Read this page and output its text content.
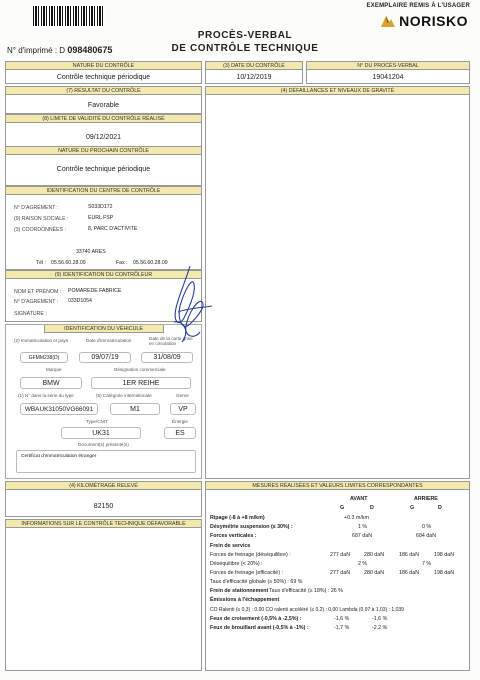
EXEMPLAIRE REMIS À L'USAGER
NORISKO
PROCÈS-VERBAL
DE CONTRÔLE TECHNIQUE
N° d'imprimé : D 098480675
NATURE DU CONTRÔLE
Contrôle technique périodique
(3) DATE DU CONTRÔLE
10/12/2019
N° DU PROCÈS-VERBAL
19041204
(7) RÉSULTAT DU CONTRÔLE
Favorable
(4) DÉFAILLANCES ET NIVEAUX DE GRAVITÉ
(8) LIMITE DE VALIDITÉ DU CONTRÔLE RÉALISÉ
09/12/2021
NATURE DU PROCHAIN CONTRÔLE
Contrôle technique périodique
IDENTIFICATION DU CENTRE DE CONTRÔLE
N° D'AGRÉMENT :	S033D172
(9) RAISON SOCIALE :	EURL FSP
(3) COORDONNÉES :	8, PARC D'ACTIVITE
33740 ARES
Tél : 05.56.60.28.09	Fax : 05.56.60.28.09
(9) IDENTIFICATION DU CONTRÔLEUR
NOM ET PRÉNOM : POMAREDE FABRICE
N° D'AGRÉMENT : 033D1054
SIGNATURE :
IDENTIFICATION DU VÉHICULE
(2) Immatriculation et pays	Date d'immatriculation	Date de la carte grise en circulation
GFMM238(D)	09/07/19	31/08/09
Marque	Désignation commerciale
BMW	1ER REIHE
(1) N° dans la série du type	(5) Catégorie internationale	Genre
WBAUK31050VG66091	M1	VP
Type/CNIT	Énergie
UK31	ES
Document(s) présenté(s)
Certificat d'immatriculation étranger
(4) KILOMÉTRAGE RELEVÉ
82150
INFORMATIONS SUR LE CONTRÔLE TECHNIQUE DÉFAVORABLE
MESURES RÉALISÉES ET VALEURS LIMITES CORRESPONDANTES
AVANT	ARRIERE
G	D	G	D
Ripage (-8 à +8 m/km)	+0.3 m/km
Désymétrie suspension (≤ 30%) :	1 %	0 %
Forces verticales :	687 daN	684 daN
Frein de service
Forces de freinage (déséquilibre) :	277 daN	280 daN	186 daN	198 daN
Déséquilibre (< 20%) :	2 %	7 %
Forces de freinage (efficacité) :	277 daN	280 daN	186 daN	198 daN
Taux d'efficacité globale (≥ 50%) : 69 %
Frein de stationnement Taux d'efficacité (≥ 18%) : 26 %
Émissions à l'échappement
CO Ralenti (≤ 0,3) : 0,00 CO ralenti accéléré (≤ 0,2) : 0,00 Lambda (0,97 à 1,03) : 1,039
Feux de croisement (-0,5% à -2,5%) :	-1,6 %	-1,6 %
Feux de brouillard avant (-0,5% à -1%) :	-1,7 %	-2,2 %
